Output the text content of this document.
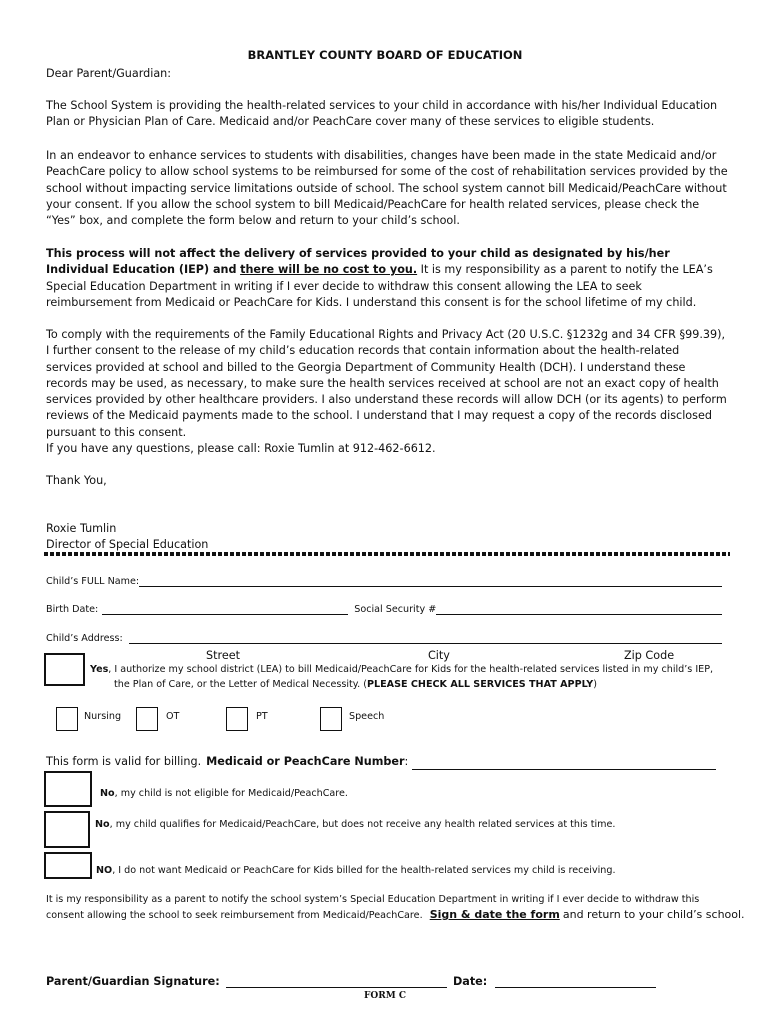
BRANTLEY COUNTY BOARD OF EDUCATION
Dear Parent/Guardian:
The School System is providing the health-related services to your child in accordance with his/her Individual Education Plan or Physician Plan of Care. Medicaid and/or PeachCare cover many of these services to eligible students.
In an endeavor to enhance services to students with disabilities, changes have been made in the state Medicaid and/or PeachCare policy to allow school systems to be reimbursed for some of the cost of rehabilitation services provided by the school without impacting service limitations outside of school. The school system cannot bill Medicaid/PeachCare without your consent. If you allow the school system to bill Medicaid/PeachCare for health related services, please check the “Yes” box, and complete the form below and return to your child’s school.
This process will not affect the delivery of services provided to your child as designated by his/her Individual Education (IEP) and there will be no cost to you. It is my responsibility as a parent to notify the LEA’s Special Education Department in writing if I ever decide to withdraw this consent allowing the LEA to seek reimbursement from Medicaid or PeachCare for Kids. I understand this consent is for the school lifetime of my child.
To comply with the requirements of the Family Educational Rights and Privacy Act (20 U.S.C. §1232g and 34 CFR §99.39), I further consent to the release of my child’s education records that contain information about the health-related services provided at school and billed to the Georgia Department of Community Health (DCH). I understand these records may be used, as necessary, to make sure the health services received at school are not an exact copy of health services provided by other healthcare providers. I also understand these records will allow DCH (or its agents) to perform reviews of the Medicaid payments made to the school. I understand that I may request a copy of the records disclosed pursuant to this consent.
If you have any questions, please call: Roxie Tumlin at 912-462-6612.
Thank You,
Roxie Tumlin
Director of Special Education
Child’s FULL Name:
Birth Date:	Social Security #
Child’s Address:
Street	City	Zip Code
Yes, I authorize my school district (LEA) to bill Medicaid/PeachCare for Kids for the health-related services listed in my child’s IEP,
the Plan of Care, or the Letter of Medical Necessity. (PLEASE CHECK ALL SERVICES THAT APPLY)
Nursing	OT	PT	Speech
This form is valid for billing. Medicaid or PeachCare Number :
No, my child is not eligible for Medicaid/PeachCare.
No, my child qualifies for Medicaid/PeachCare, but does not receive any health related services at this time.
NO, I do not want Medicaid or PeachCare for Kids billed for the health-related services my child is receiving.
It is my responsibility as a parent to notify the school system’s Special Education Department in writing if I ever decide to withdraw this
consent allowing the school to seek reimbursement from Medicaid/PeachCare. Sign & date the form and return to your child’s school.
Parent/Guardian Signature:	Date:
FORM C
